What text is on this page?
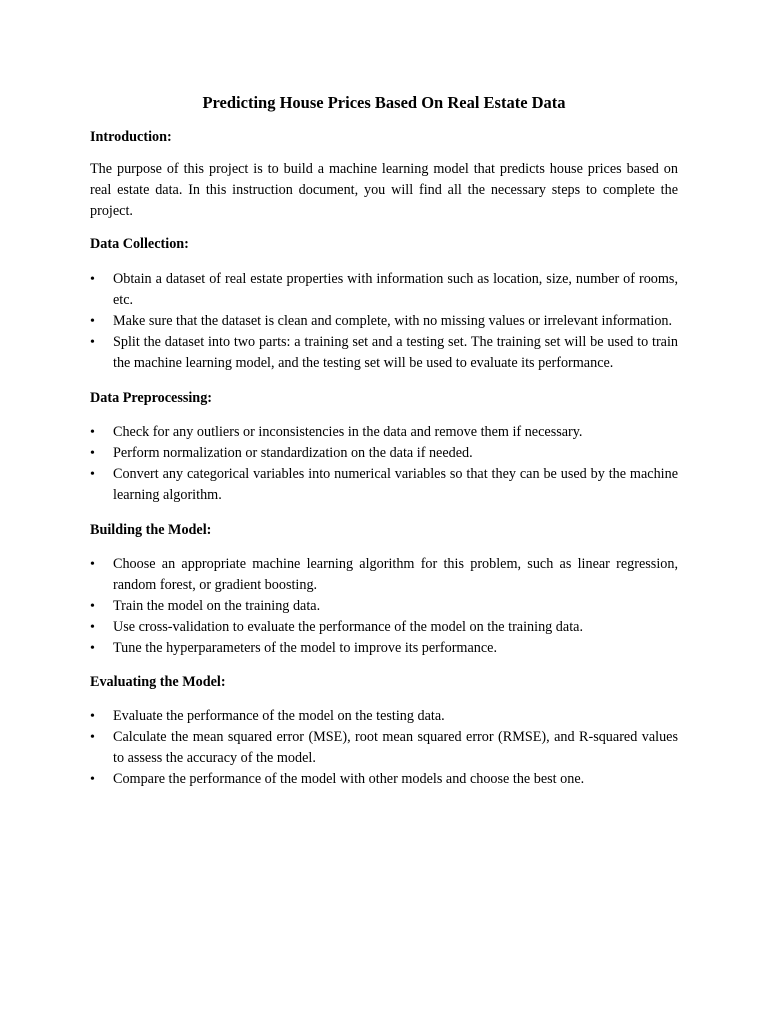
Predicting House Prices Based On Real Estate Data
Introduction:

The purpose of this project is to build a machine learning model that predicts house prices based on real estate data. In this instruction document, you will find all the necessary steps to complete the project.

Data Collection:
•	Obtain a dataset of real estate properties with information such as location, size, number of rooms, etc.
•	Make sure that the dataset is clean and complete, with no missing values or irrelevant information.
•	Split the dataset into two parts: a training set and a testing set. The training set will be used to train the machine learning model, and the testing set will be used to evaluate its performance.
Data Preprocessing:
•	Check for any outliers or inconsistencies in the data and remove them if necessary.
•	Perform normalization or standardization on the data if needed.
•	Convert any categorical variables into numerical variables so that they can be used by the machine learning algorithm.
Building the Model:
•	Choose an appropriate machine learning algorithm for this problem, such as linear regression, random forest, or gradient boosting.
•	Train the model on the training data.
•	Use cross-validation to evaluate the performance of the model on the training data.
•	Tune the hyperparameters of the model to improve its performance.
Evaluating the Model:
•	Evaluate the performance of the model on the testing data.
•	Calculate the mean squared error (MSE), root mean squared error (RMSE), and R-squared values to assess the accuracy of the model.
•	Compare the performance of the model with other models and choose the best one.
